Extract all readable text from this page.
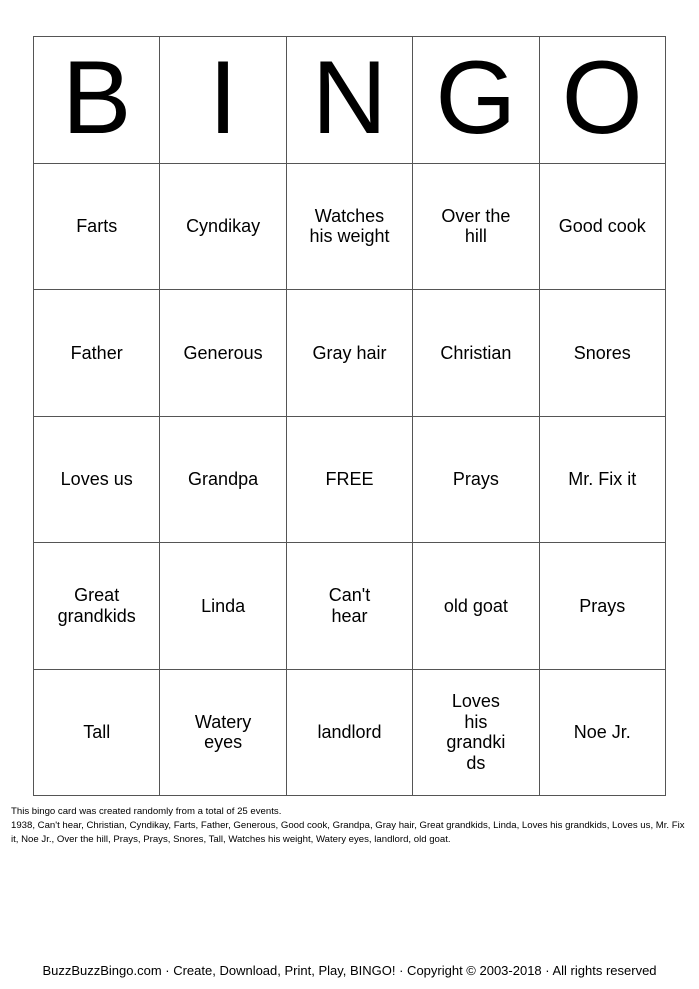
B	I	N	G	O
Farts	Cyndikay	Watches his weight	Over the hill	Good cook
Father	Generous	Gray hair	Christian	Snores
Loves us	Grandpa	FREE	Prays	Mr. Fix it
Great grandkids	Linda	Can't hear	old goat	Prays
Tall	Watery eyes	landlord	Loves his grandkids	Noe Jr.
This bingo card was created randomly from a total of 25 events.
1938, Can't hear, Christian, Cyndikay, Farts, Father, Generous, Good cook, Grandpa, Gray hair, Great grandkids, Linda, Loves his grandkids, Loves us, Mr. Fix it, Noe Jr., Over the hill, Prays, Prays, Snores, Tall, Watches his weight, Watery eyes, landlord, old goat.
BuzzBuzzBingo.com · Create, Download, Print, Play, BINGO! · Copyright © 2003-2018 · All rights reserved
